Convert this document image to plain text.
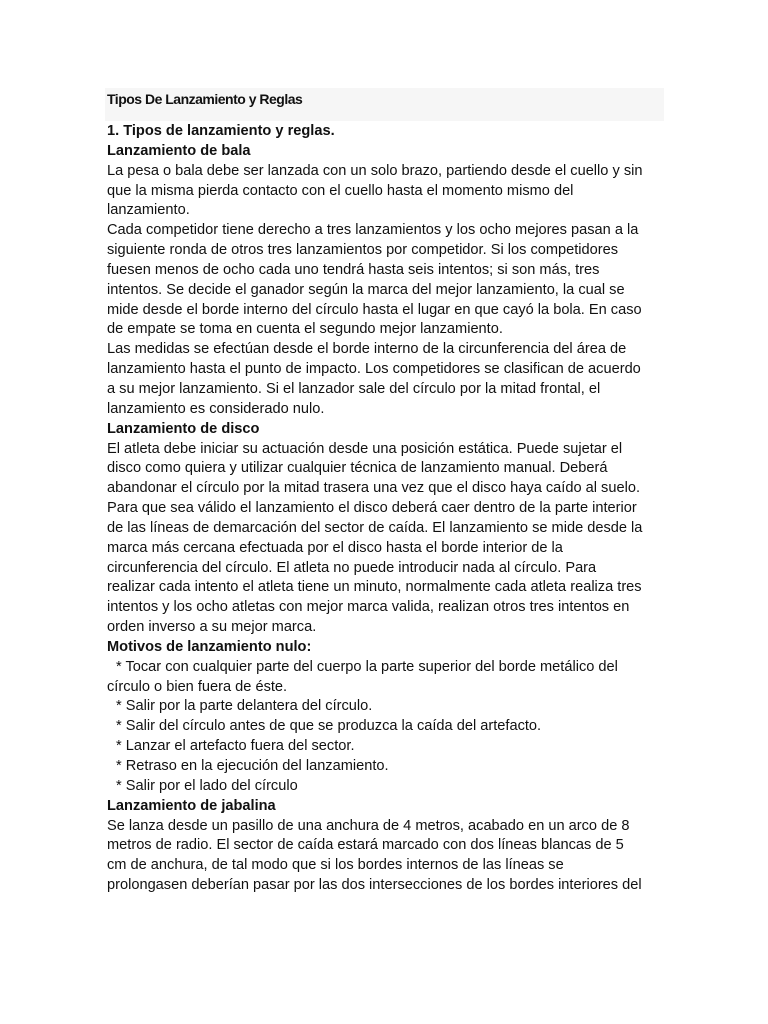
Tipos De Lanzamiento y Reglas
1. Tipos de lanzamiento y reglas.
Lanzamiento de bala
La pesa o bala debe ser lanzada con un solo brazo, partiendo desde el cuello y sin
que la misma pierda contacto con el cuello hasta el momento mismo del
lanzamiento.
Cada competidor tiene derecho a tres lanzamientos y los ocho mejores pasan a la
siguiente ronda de otros tres lanzamientos por competidor. Si los competidores
fuesen menos de ocho cada uno tendrá hasta seis intentos; si son más, tres
intentos. Se decide el ganador según la marca del mejor lanzamiento, la cual se
mide desde el borde interno del círculo hasta el lugar en que cayó la bola. En caso
de empate se toma en cuenta el segundo mejor lanzamiento.
Las medidas se efectúan desde el borde interno de la circunferencia del área de
lanzamiento hasta el punto de impacto. Los competidores se clasifican de acuerdo
a su mejor lanzamiento. Si el lanzador sale del círculo por la mitad frontal, el
lanzamiento es considerado nulo.
Lanzamiento de disco
El atleta debe iniciar su actuación desde una posición estática. Puede sujetar el
disco como quiera y utilizar cualquier técnica de lanzamiento manual. Deberá
abandonar el círculo por la mitad trasera una vez que el disco haya caído al suelo.
Para que sea válido el lanzamiento el disco deberá caer dentro de la parte interior
de las líneas de demarcación del sector de caída. El lanzamiento se mide desde la
marca más cercana efectuada por el disco hasta el borde interior de la
circunferencia del círculo. El atleta no puede introducir nada al círculo. Para
realizar cada intento el atleta tiene un minuto, normalmente cada atleta realiza tres
intentos y los ocho atletas con mejor marca valida, realizan otros tres intentos en
orden inverso a su mejor marca.
Motivos de lanzamiento nulo:
* Tocar con cualquier parte del cuerpo la parte superior del borde metálico del
círculo o bien fuera de éste.
* Salir por la parte delantera del círculo.
* Salir del círculo antes de que se produzca la caída del artefacto.
* Lanzar el artefacto fuera del sector.
* Retraso en la ejecución del lanzamiento.
* Salir por el lado del círculo
Lanzamiento de jabalina
Se lanza desde un pasillo de una anchura de 4 metros, acabado en un arco de 8
metros de radio. El sector de caída estará marcado con dos líneas blancas de 5
cm de anchura, de tal modo que si los bordes internos de las líneas se
prolongasen deberían pasar por las dos intersecciones de los bordes interiores del
